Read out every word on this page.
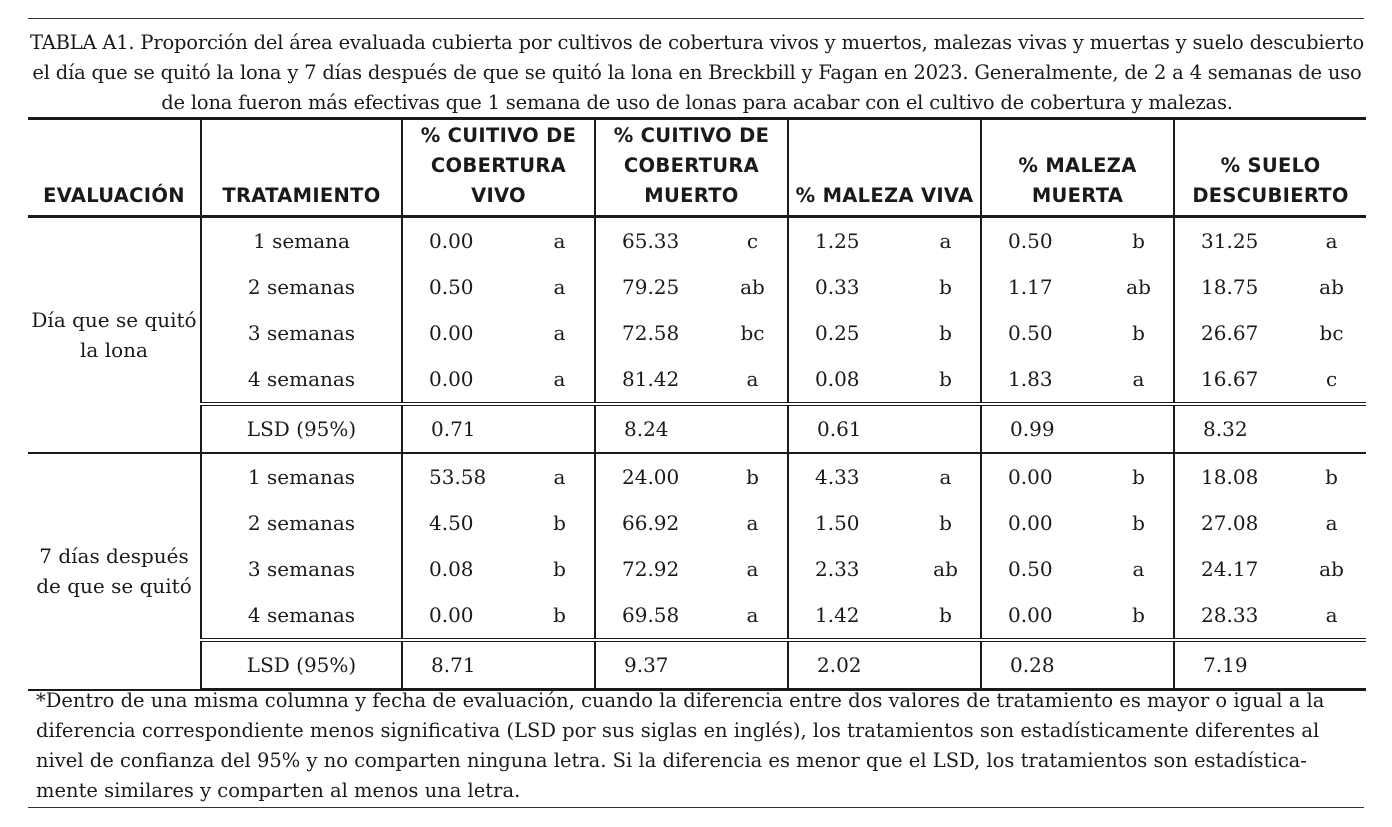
TABLA A1. Proporción del área evaluada cubierta por cultivos de cobertura vivos y muertos, malezas vivas y muertas y suelo descubierto el día que se quitó la lona y 7 días después de que se quitó la lona en Breckbill y Fagan en 2023. Generalmente, de 2 a 4 semanas de uso de lona fueron más efectivas que 1 semana de uso de lonas para acabar con el cultivo de cobertura y malezas.
EVALUACIÓN	TRATAMIENTO	% CUITIVO DE COBERTURA VIVO		% CUITIVO DE COBERTURA MUERTO		% MALEZA VIVA		% MALEZA MUERTA		% SUELO DESCUBIERTO	
Día que se quitó la lona	1 semana	0.00	a	65.33	c	1.25	a	0.50	b	31.25	a
	2 semanas	0.50	a	79.25	ab	0.33	b	1.17	ab	18.75	ab
	3 semanas	0.00	a	72.58	bc	0.25	b	0.50	b	26.67	bc
	4 semanas	0.00	a	81.42	a	0.08	b	1.83	a	16.67	c
	LSD (95%)	0.71		8.24		0.61		0.99		8.32	
7 días después de que se quitó	1 semanas	53.58	a	24.00	b	4.33	a	0.00	b	18.08	b
	2 semanas	4.50	b	66.92	a	1.50	b	0.00	b	27.08	a
	3 semanas	0.08	b	72.92	a	2.33	ab	0.50	a	24.17	ab
	4 semanas	0.00	b	69.58	a	1.42	b	0.00	b	28.33	a
	LSD (95%)	8.71		9.37		2.02		0.28		7.19	
*Dentro de una misma columna y fecha de evaluación, cuando la diferencia entre dos valores de tratamiento es mayor o igual a la diferencia correspondiente menos significativa (LSD por sus siglas en inglés), los tratamientos son estadísticamente diferentes al nivel de confianza del 95% y no comparten ninguna letra. Si la diferencia es menor que el LSD, los tratamientos son estadística-mente similares y comparten al menos una letra.
